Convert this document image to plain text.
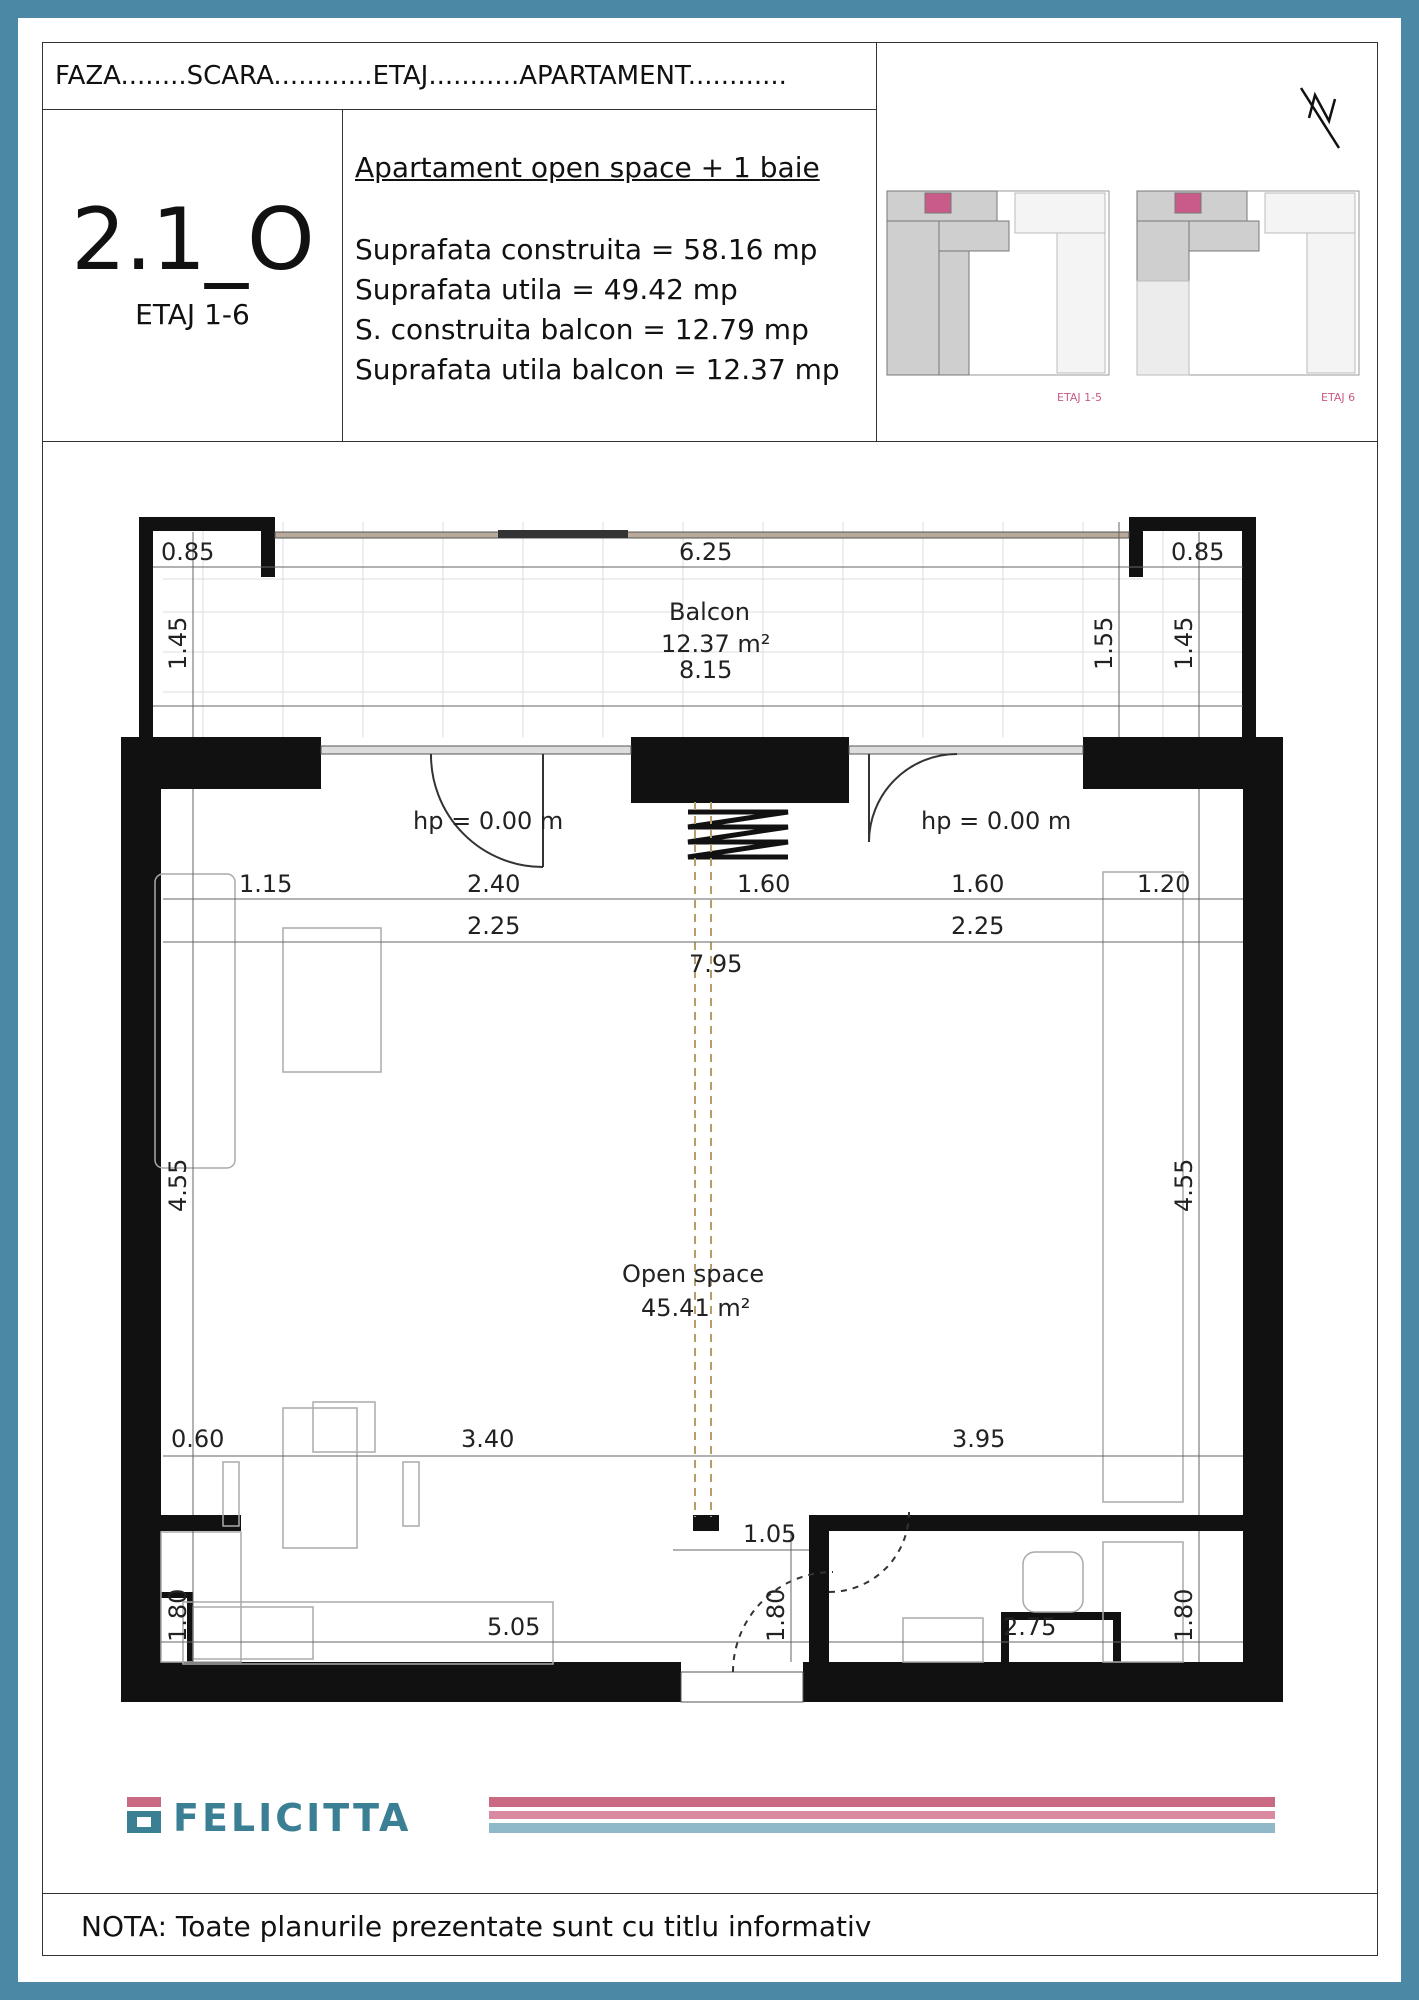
FAZA........SCARA............ETAJ...........APARTAMENT............
2.1_O
ETAJ 1-6
Apartament open space + 1 baie
Suprafata construita = 58.16 mp
Suprafata utila = 49.42 mp
S. construita balcon = 12.79 mp
Suprafata utila balcon = 12.37 mp
ETAJ 1-5	ETAJ 6
0.85	6.25	0.85
1.45	1.55 1.45
Balcon
12.37 m²
8.15
hp = 0.00 m	hp = 0.00 m
1.15	2.40	1.60	1.60	1.20
2.25	2.25
7.95
4.55	4.55
Open space
45.41 m²
0.60	3.40	3.95
1.05
1.80	5.05	1.80	2.75	1.80
FELICITTA
NOTA: Toate planurile prezentate sunt cu titlu informativ
